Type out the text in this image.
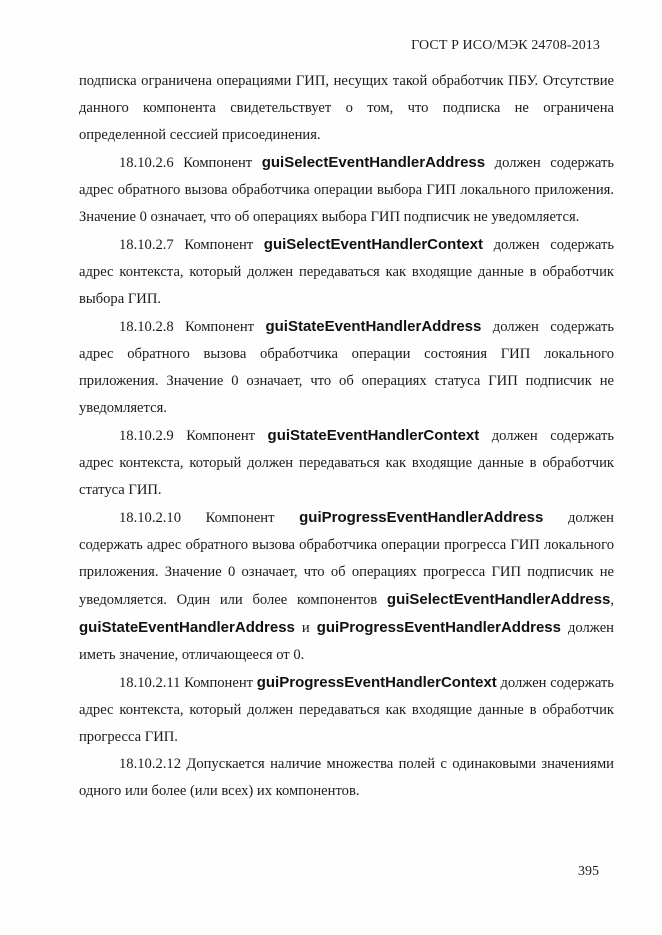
ГОСТ Р ИСО/МЭК 24708-2013

подписка ограничена операциями ГИП, несущих такой обработчик ПБУ. Отсутствие данного компонента свидетельствует о том, что подписка не ограничена определенной сессией присоединения.

18.10.2.6 Компонент guiSelectEventHandlerAddress должен содержать адрес обратного вызова обработчика операции выбора ГИП локального приложения. Значение 0 означает, что об операциях выбора ГИП подписчик не уведомляется.

18.10.2.7 Компонент guiSelectEventHandlerContext должен содержать адрес контекста, который должен передаваться как входящие данные в обработчик выбора ГИП.

18.10.2.8 Компонент guiStateEventHandlerAddress должен содержать адрес обратного вызова обработчика операции состояния ГИП локального приложения. Значение 0 означает, что об операциях статуса ГИП подписчик не уведомляется.

18.10.2.9 Компонент guiStateEventHandlerContext должен содержать адрес контекста, который должен передаваться как входящие данные в обработчик статуса ГИП.

18.10.2.10 Компонент guiProgressEventHandlerAddress должен содержать адрес обратного вызова обработчика операции прогресса ГИП локального приложения. Значение 0 означает, что об операциях прогресса ГИП подписчик не уведомляется. Один или более компонентов guiSelectEventHandlerAddress, guiStateEventHandlerAddress и guiProgressEventHandlerAddress должен иметь значение, отличающееся от 0.

18.10.2.11 Компонент guiProgressEventHandlerContext должен содержать адрес контекста, который должен передаваться как входящие данные в обработчик прогресса ГИП.

18.10.2.12 Допускается наличие множества полей с одинаковыми значениями одного или более (или всех) их компонентов.

395
